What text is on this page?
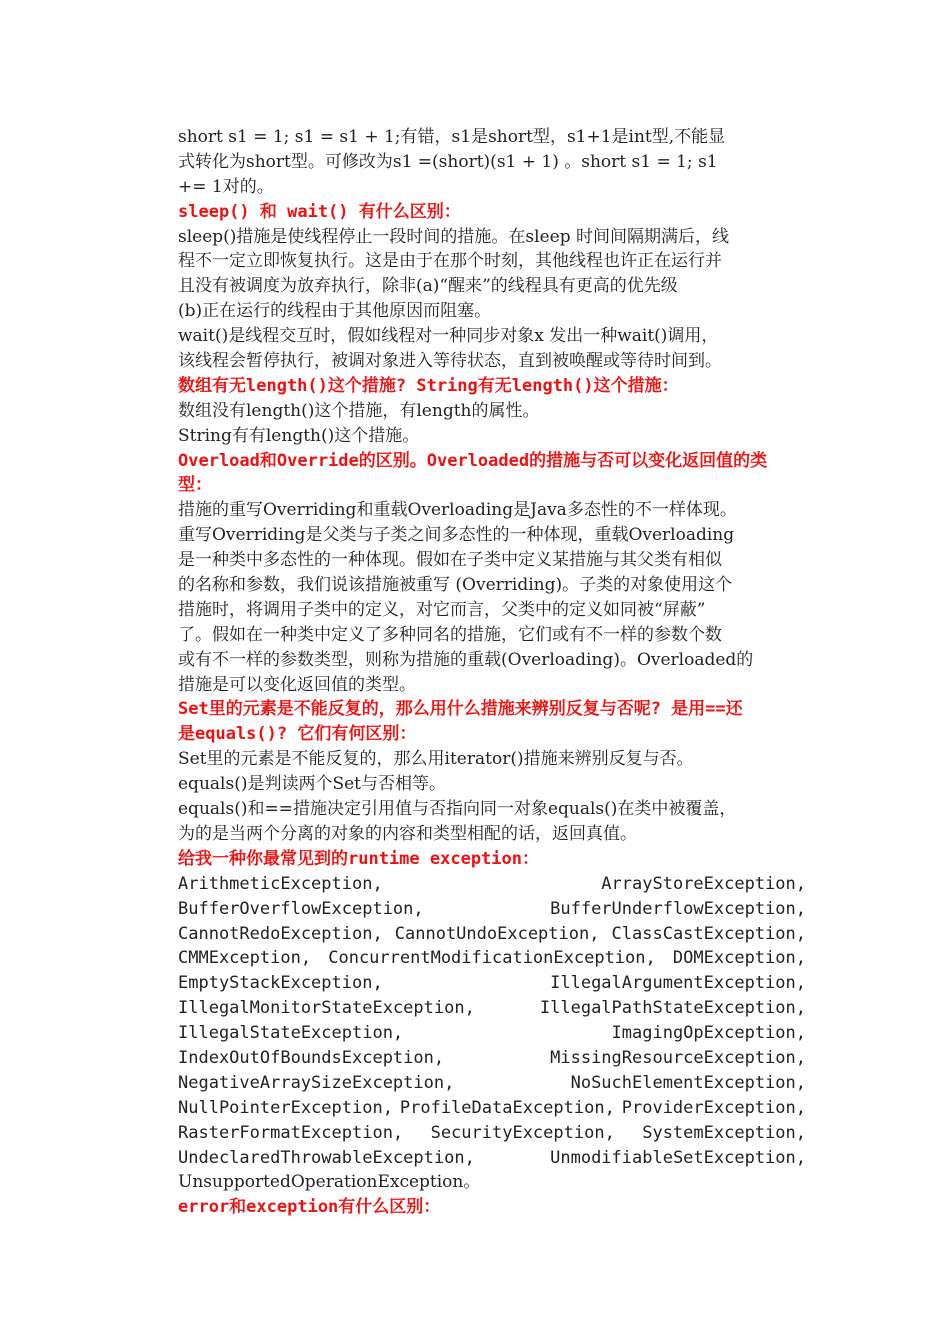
short s1 = 1; s1 = s1 + 1;有错，s1是short型，s1+1是int型,不能显
式转化为short型。可修改为s1 =(short)(s1 + 1) 。short s1 = 1; s1
+= 1对的。
sleep() 和 wait() 有什么区别：
sleep()措施是使线程停止一段时间的措施。在sleep 时间间隔期满后，线
程不一定立即恢复执行。这是由于在那个时刻，其他线程也许正在运行并
且没有被调度为放弃执行，除非(a)“醒来”的线程具有更高的优先级
(b)正在运行的线程由于其他原因而阻塞。
wait()是线程交互时，假如线程对一种同步对象x 发出一种wait()调用，
该线程会暂停执行，被调对象进入等待状态，直到被唤醒或等待时间到。
数组有无length()这个措施? String有无length()这个措施：
数组没有length()这个措施，有length的属性。
String有有length()这个措施。
Overload和Override的区别。Overloaded的措施与否可以变化返回值的类
型：
措施的重写Overriding和重载Overloading是Java多态性的不一样体现。
重写Overriding是父类与子类之间多态性的一种体现，重载Overloading
是一种类中多态性的一种体现。假如在子类中定义某措施与其父类有相似
的名称和参数，我们说该措施被重写 (Overriding)。子类的对象使用这个
措施时，将调用子类中的定义，对它而言，父类中的定义如同被“屏蔽”
了。假如在一种类中定义了多种同名的措施，它们或有不一样的参数个数
或有不一样的参数类型，则称为措施的重载(Overloading)。Overloaded的
措施是可以变化返回值的类型。
Set里的元素是不能反复的，那么用什么措施来辨别反复与否呢? 是用==还
是equals()? 它们有何区别：
Set里的元素是不能反复的，那么用iterator()措施来辨别反复与否。
equals()是判读两个Set与否相等。
equals()和==措施决定引用值与否指向同一对象equals()在类中被覆盖，
为的是当两个分离的对象的内容和类型相配的话，返回真值。
给我一种你最常见到的runtime exception：
ArithmeticException,	ArrayStoreException,
BufferOverflowException,	BufferUnderflowException,
CannotRedoException, CannotUndoException, ClassCastException,
CMMException, ConcurrentModificationException, DOMException,
EmptyStackException,	IllegalArgumentException,
IllegalMonitorStateException,	IllegalPathStateException,
IllegalStateException,	ImagingOpException,
IndexOutOfBoundsException,	MissingResourceException,
NegativeArraySizeException,	NoSuchElementException,
NullPointerException, ProfileDataException, ProviderException,
RasterFormatException, SecurityException, SystemException,
UndeclaredThrowableException,	UnmodifiableSetException,
UnsupportedOperationException。
error和exception有什么区别：
